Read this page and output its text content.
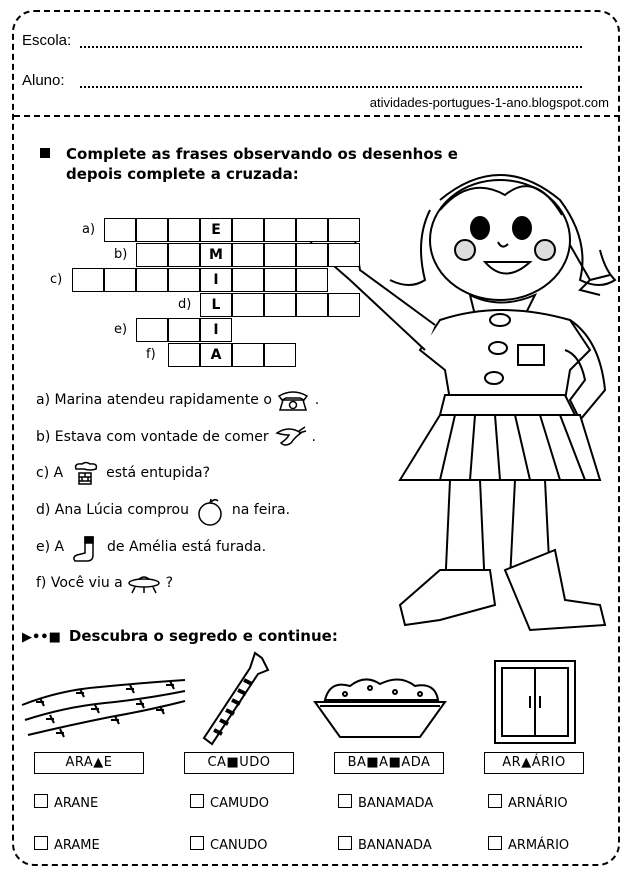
Escola:
Aluno:
atividades-portugues-1-ano.blogspot.com
Complete as frases observando os desenhos e
depois complete a cruzada:
a)	E
b)	M
c)	I
d)	L
e)	I
f)	A
a) Marina atendeu rapidamente o  .
b) Estava com vontade de comer  .
c) A  está entupida?
d) Ana Lúcia comprou  na feira.
e) A  de Amélia está furada.
f) Você viu a  ?
▶••■ Descubra o segredo e continue:
ARA▲E
ARANE
ARAME
CA■UDO
CAMUDO
CANUDO
BA■A■ADA
BANAMADA
BANANADA
AR▲ÁRIO
ARNÁRIO
ARMÁRIO
